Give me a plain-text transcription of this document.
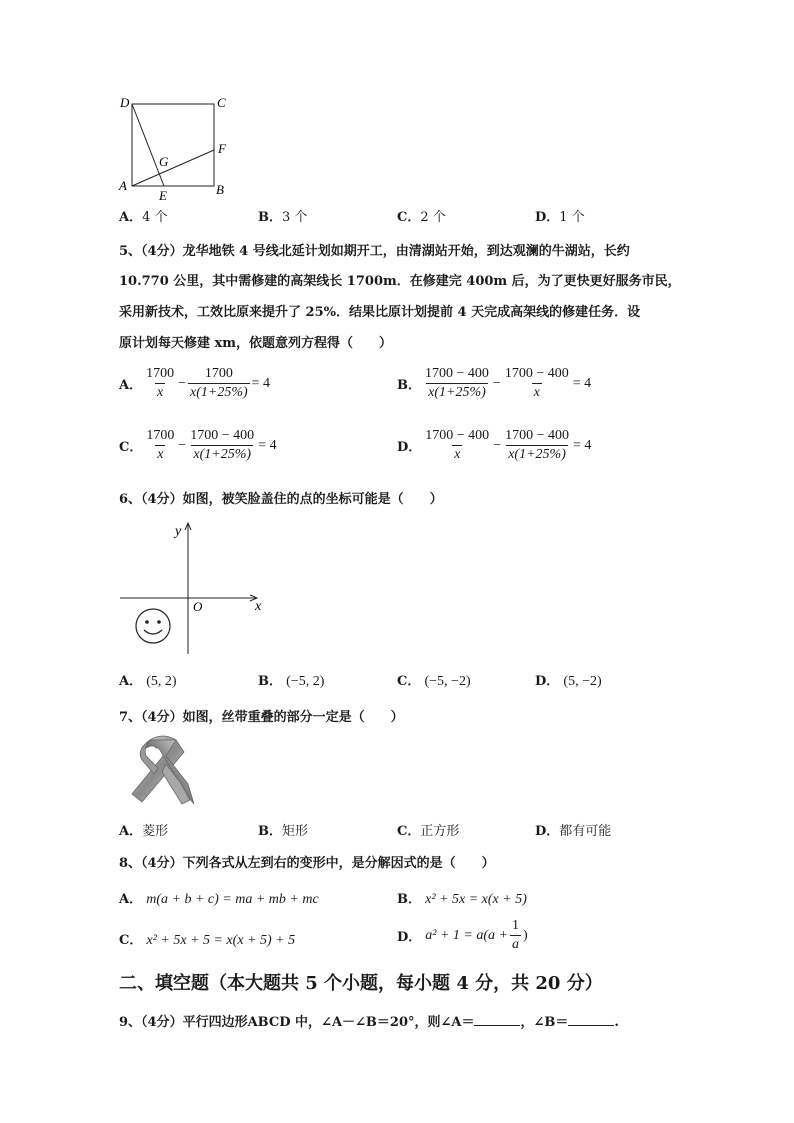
D	C
G
F
A
E	B
A．4 个	B．3 个	C．2 个	D．1 个
5、（4分）龙华地铁 4 号线北延计划如期开工，由清湖站开始，到达观澜的牛湖站，长约
10.770 公里，其中需修建的高架线长 1700m．在修建完 400m 后，为了更快更好服务市民，
采用新技术，工效比原来提升了 25%．结果比原计划提前 4 天完成高架线的修建任务．设
原计划每天修建 xm，依题意列方程得（　　）
A． $\frac{1700}{x} - \frac{1700}{x(1+25\%)} = 4$	B． $\frac{1700 - 400}{x(1+25\%)} - \frac{1700 - 400}{x} = 4$
C． $\frac{1700}{x} - \frac{1700 - 400}{x(1+25\%)} = 4$	D． $\frac{1700 - 400}{x} - \frac{1700 - 400}{x(1+25\%)} = 4$
6、（4分）如图，被笑脸盖住的点的坐标可能是（　　）
x
y
O
A． (5, 2)	B． (−5, 2)	C． (−5, −2)	D． (5, −2)
7、（4分）如图，丝带重叠的部分一定是（　　）
A．菱形	B．矩形	C．正方形	D．都有可能
8、（4分）下列各式从左到右的变形中，是分解因式的是（　　）
A． m(a + b + c) = ma + mb + mc	B． x² + 5x = x(x + 5)
C． x² + 5x + 5 = x(x + 5) + 5	D． $a^2 + 1 = a(a + \frac{1}{a}$ )
二、填空题（本大题共 5 个小题，每小题 4 分，共 20 分）
9、（4分）平行四边形ABCD 中，∠A－∠B＝20°，则∠A＝	，∠B＝	.
